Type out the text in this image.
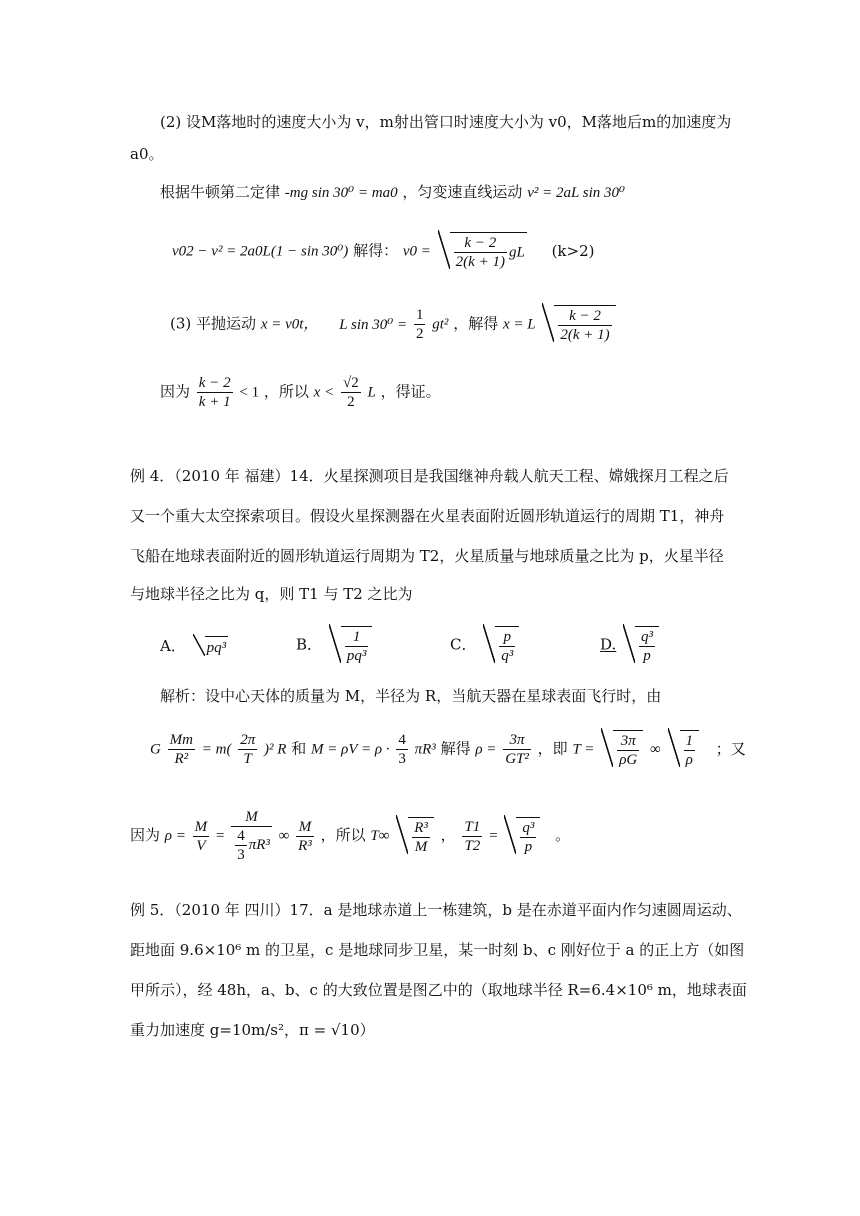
(2) 设M落地时的速度大小为 v，m射出管口时速度大小为 v0，M落地后m的加速度为
a0。
根据牛顿第二定律 -mg sin 30⁰ = ma0 ，匀变速直线运动 v² = 2aL sin 30⁰
v02 − v² = 2a0L(1 − sin 30⁰) 解得： $v0 = \frac{k - 2}{2(k + 1)}$ gL (k>2)
(3) 平抛运动 x = v0t， L $\sin 30^0 = \frac{1}{2} gt^2$ ，解得 x = L $\frac{k - 2}{2(k + 1)}$
因为 $\frac{k - 2}{k + 1} < 1$ ，所以 $x < \frac{√2}{2}$ L ，得证。
例 4．（2010 年 福建）14．火星探测项目是我国继神舟载人航天工程、嫦娥探月工程之后
又一个重大太空探索项目。假设火星探测器在火星表面附近圆形轨道运行的周期 T1，神舟
飞船在地球表面附近的圆形轨道运行周期为 T2，火星质量与地球质量之比为 p，火星半径
与地球半径之比为 q，则 T1 与 T2 之比为
A． pq³	B． $\frac{1}{\text{pq³}}$	C． $\frac{p}{\text{q³}}$	D. $\frac{\text{q³}}{p}$
解析：设中心天体的质量为 M，半径为 R，当航天器在星球表面飞行时，由
G $\frac{Mm}{\text{R²}} = m( \frac{2\pi}{T} )^2$ R 和 $M = \rho V = \rho \cdot \frac{4}{3} \pi R^3$ 解得 $\rho = \frac{3\pi}{\text{GT²}}$ ，即 $T = \frac{3\pi}{\rho G}$ ∞ $\frac{1}{\rho}$ ；又
因为 $\rho = \frac{M}{V} = \frac{M}{\frac{4}{3} \pi R^3}$ ∞ $\frac{M}{\text{R³}}$ ，所以 $T\infty \frac{\text{R³}}{M}$ ， $\frac{T1}{T2} = \frac{\text{q³}}{p}$ 。
例 5．（2010 年 四川）17．a 是地球赤道上一栋建筑，b 是在赤道平面内作匀速圆周运动、
距地面 9.6×10⁶ m 的卫星，c 是地球同步卫星，某一时刻 b、c 刚好位于 a 的正上方（如图
甲所示），经 48h，a、b、c 的大致位置是图乙中的（取地球半径 R=6.4×10⁶ m，地球表面
重力加速度 g=10m/s²，π = √10）
